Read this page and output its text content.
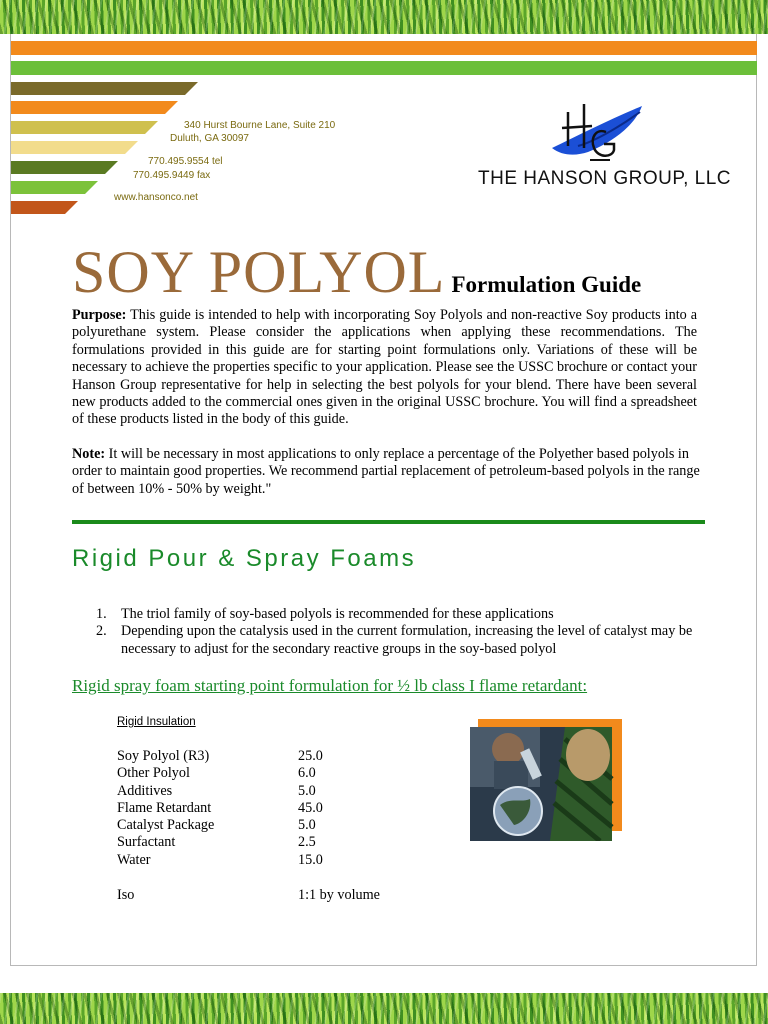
340 Hurst Bourne Lane, Suite 210
Duluth, GA 30097
770.495.9554 tel
770.495.9449 fax
www.hansonco.net
THE HANSON GROUP, LLC
SOY POLYOL Formulation Guide
Purpose: This guide is intended to help with incorporating Soy Polyols and non-reactive Soy products into a polyurethane system. Please consider the applications when applying these recommendations. The formulations provided in this guide are for starting point formulations only. Variations of these will be necessary to achieve the properties specific to your application. Please see the USSC brochure or contact your Hanson Group representative for help in selecting the best polyols for your blend. There have been several new products added to the commercial ones given in the original USSC brochure. You will find a spreadsheet of these products listed in the body of this guide.
Note: It will be necessary in most applications to only replace a percentage of the Polyether based polyols in order to maintain good properties. We recommend partial replacement of petroleum-based polyols in the range of between 10% - 50% by weight."
Rigid Pour & Spray Foams
1. The triol family of soy-based polyols is recommended for these applications
2. Depending upon the catalysis used in the current formulation, increasing the level of catalyst may be necessary to adjust for the secondary reactive groups in the soy-based polyol
Rigid spray foam starting point formulation for ½ lb class I flame retardant:
Rigid Insulation
Soy Polyol (R3)	25.0
Other Polyol	6.0
Additives	5.0
Flame Retardant	45.0
Catalyst Package	5.0
Surfactant	2.5
Water	15.0
Iso	1:1 by volume
